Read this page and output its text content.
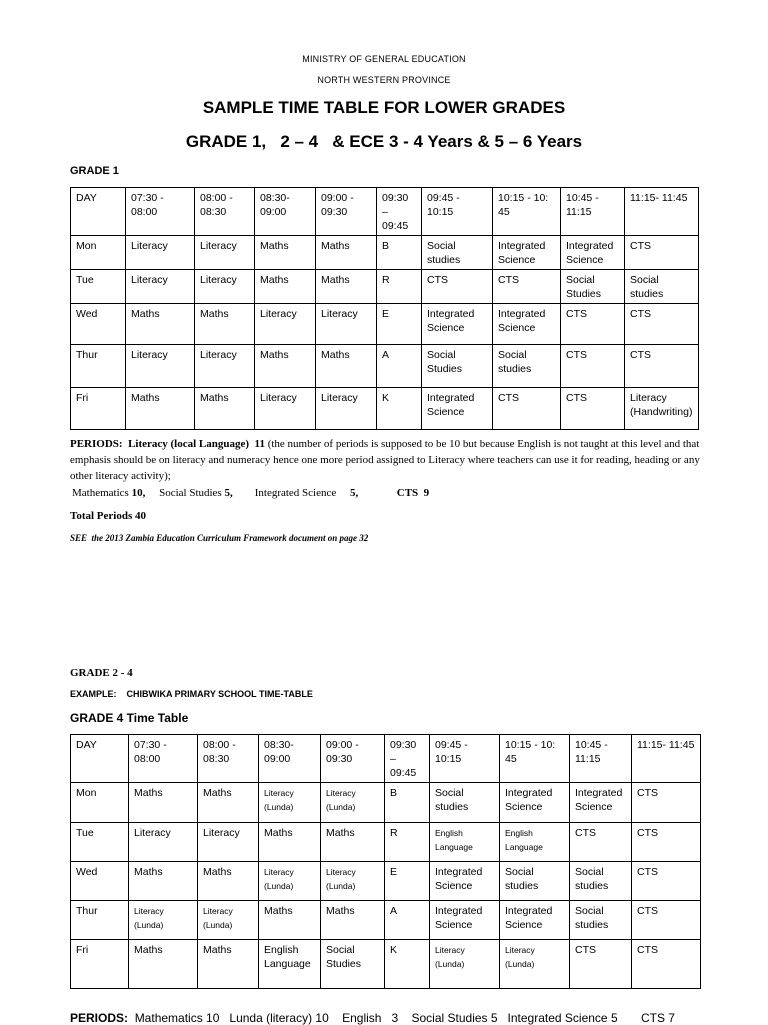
MINISTRY OF GENERAL EDUCATION
NORTH WESTERN PROVINCE
SAMPLE TIME TABLE FOR LOWER GRADES
GRADE 1,   2 – 4   & ECE 3 - 4 Years & 5 – 6 Years
GRADE 1
DAY	07:30 - 08:00	08:00 - 08:30	08:30- 09:00	09:00 - 09:30	09:30 – 09:45	09:45 - 10:15	10:15 - 10: 45	10:45 - 11:15	11:15- 11:45
Mon	Literacy	Literacy	Maths	Maths	B	Social studies	Integrated Science	Integrated Science	CTS
Tue	Literacy	Literacy	Maths	Maths	R	CTS	CTS	Social Studies	Social studies
Wed	Maths	Maths	Literacy	Literacy	E	Integrated Science	Integrated Science	CTS	CTS
Thur	Literacy	Literacy	Maths	Maths	A	Social Studies	Social studies	CTS	CTS
Fri	Maths	Maths	Literacy	Literacy	K	Integrated Science	CTS	CTS	Literacy (Handwriting)
PERIODS: Literacy (local Language) 11 (the number of periods is supposed to be 10 but because English is not taught at this level and that emphasis should be on literacy and numeracy hence one more period assigned to Literacy where teachers can use it for reading, heading or any other literacy activity);
Mathematics 10, Social Studies 5, Integrated Science 5,	CTS 9
Total Periods 40
SEE  the 2013 Zambia Education Curriculum Framework document on page 32
GRADE 2 - 4
EXAMPLE:    CHIBWIKA PRIMARY SCHOOL TIME-TABLE
GRADE 4 Time Table
DAY	07:30 - 08:00	08:00 - 08:30	08:30- 09:00	09:00 - 09:30	09:30 – 09:45	09:45 - 10:15	10:15 - 10: 45	10:45 - 11:15	11:15- 11:45
Mon	Maths	Maths	Literacy (Lunda)	Literacy (Lunda)	B	Social studies	Integrated Science	Integrated Science	CTS
Tue	Literacy	Literacy	Maths	Maths	R	English Language	English Language	CTS	CTS
Wed	Maths	Maths	Literacy (Lunda)	Literacy (Lunda)	E	Integrated Science	Social studies	Social studies	CTS
Thur	Literacy (Lunda)	Literacy (Lunda)	Maths	Maths	A	Integrated Science	Integrated Science	Social studies	CTS
Fri	Maths	Maths	English Language	Social Studies	K	Literacy (Lunda)	Literacy (Lunda)	CTS	CTS
PERIODS: Mathematics 10   Lunda (literacy) 10    English   3    Social Studies 5   Integrated Science 5       CTS 7
